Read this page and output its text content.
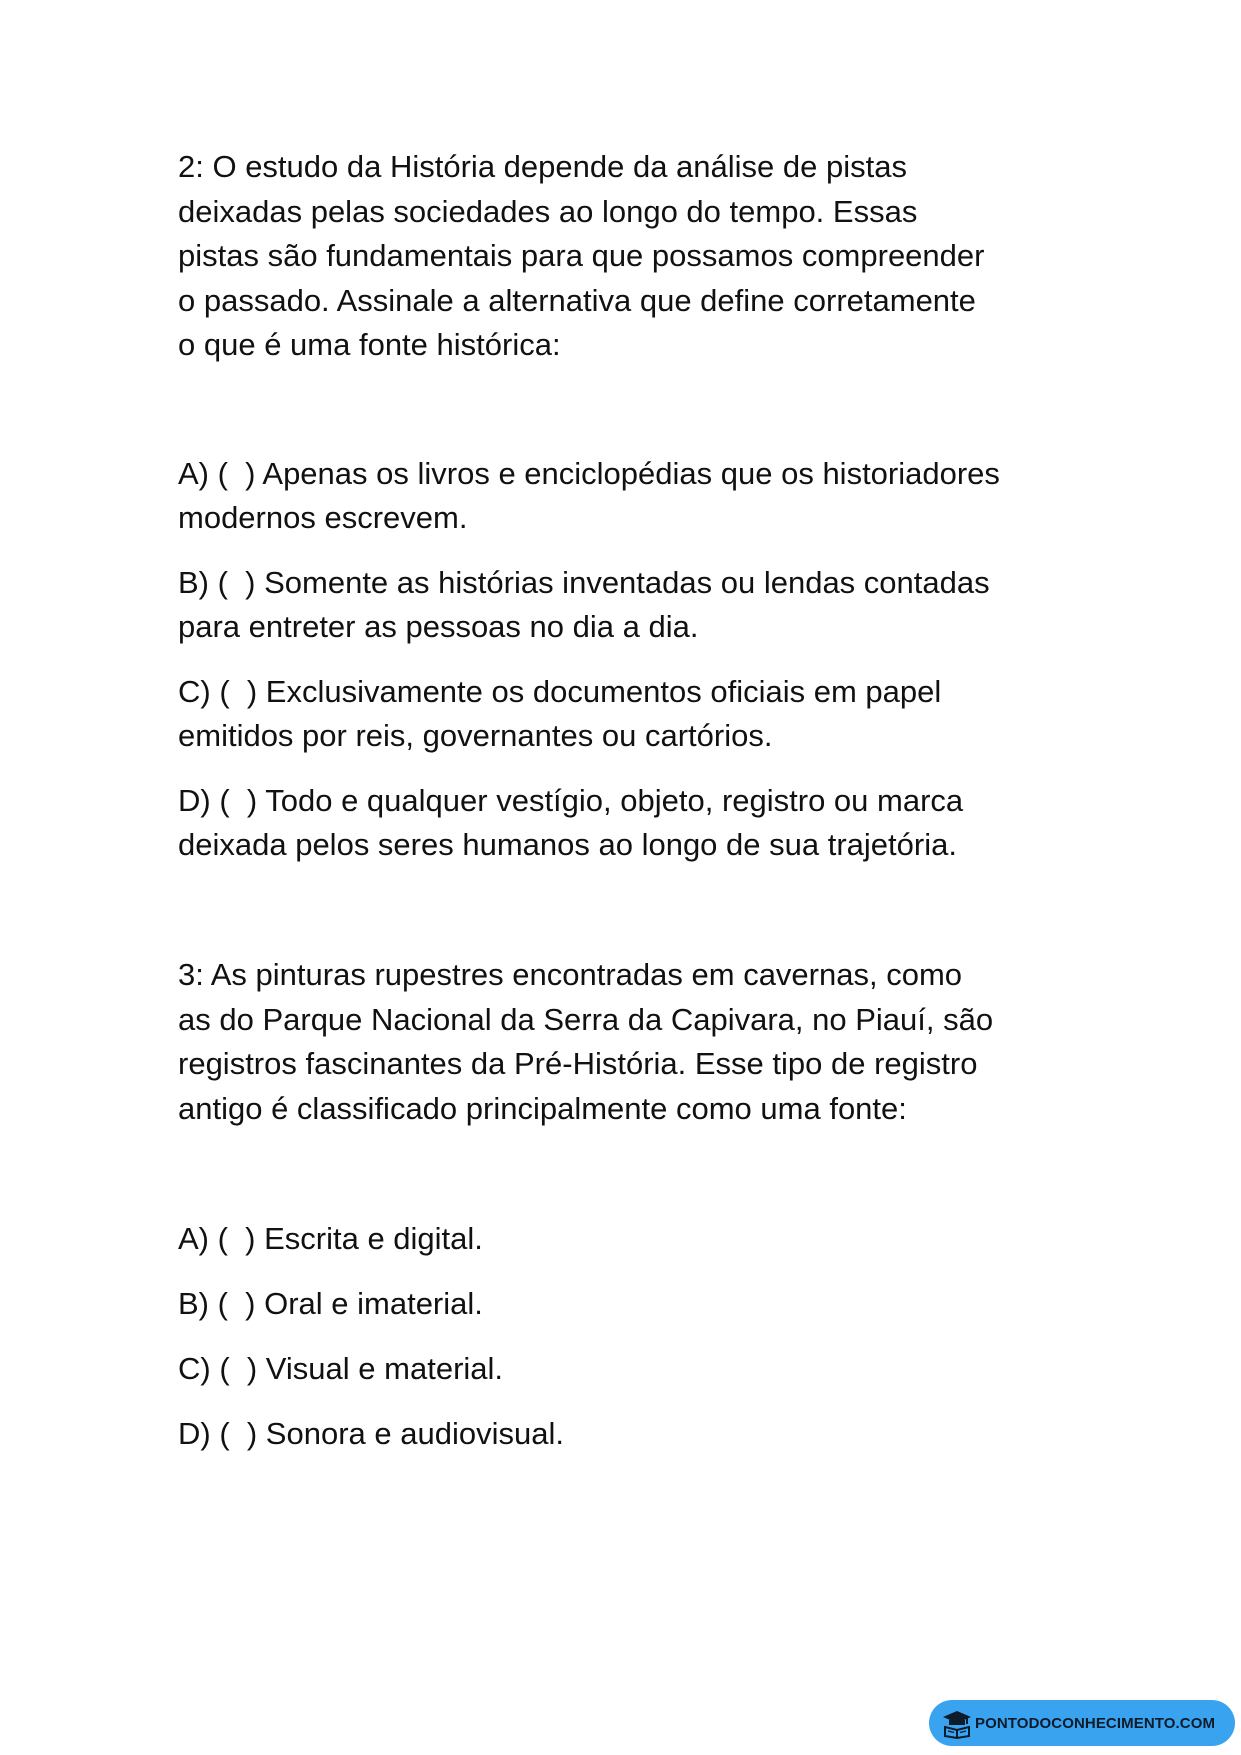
2: O estudo da História depende da análise de pistas
deixadas pelas sociedades ao longo do tempo. Essas
pistas são fundamentais para que possamos compreender
o passado. Assinale a alternativa que define corretamente
o que é uma fonte histórica:

A) (  ) Apenas os livros e enciclopédias que os historiadores
modernos escrevem.
B) (  ) Somente as histórias inventadas ou lendas contadas
para entreter as pessoas no dia a dia.
C) (  ) Exclusivamente os documentos oficiais em papel
emitidos por reis, governantes ou cartórios.
D) (  ) Todo e qualquer vestígio, objeto, registro ou marca
deixada pelos seres humanos ao longo de sua trajetória.

3: As pinturas rupestres encontradas em cavernas, como
as do Parque Nacional da Serra da Capivara, no Piauí, são
registros fascinantes da Pré-História. Esse tipo de registro
antigo é classificado principalmente como uma fonte:

A) (  ) Escrita e digital.
B) (  ) Oral e imaterial.
C) (  ) Visual e material.
D) (  ) Sonora e audiovisual.
PONTODOCONHECIMENTO.COM
